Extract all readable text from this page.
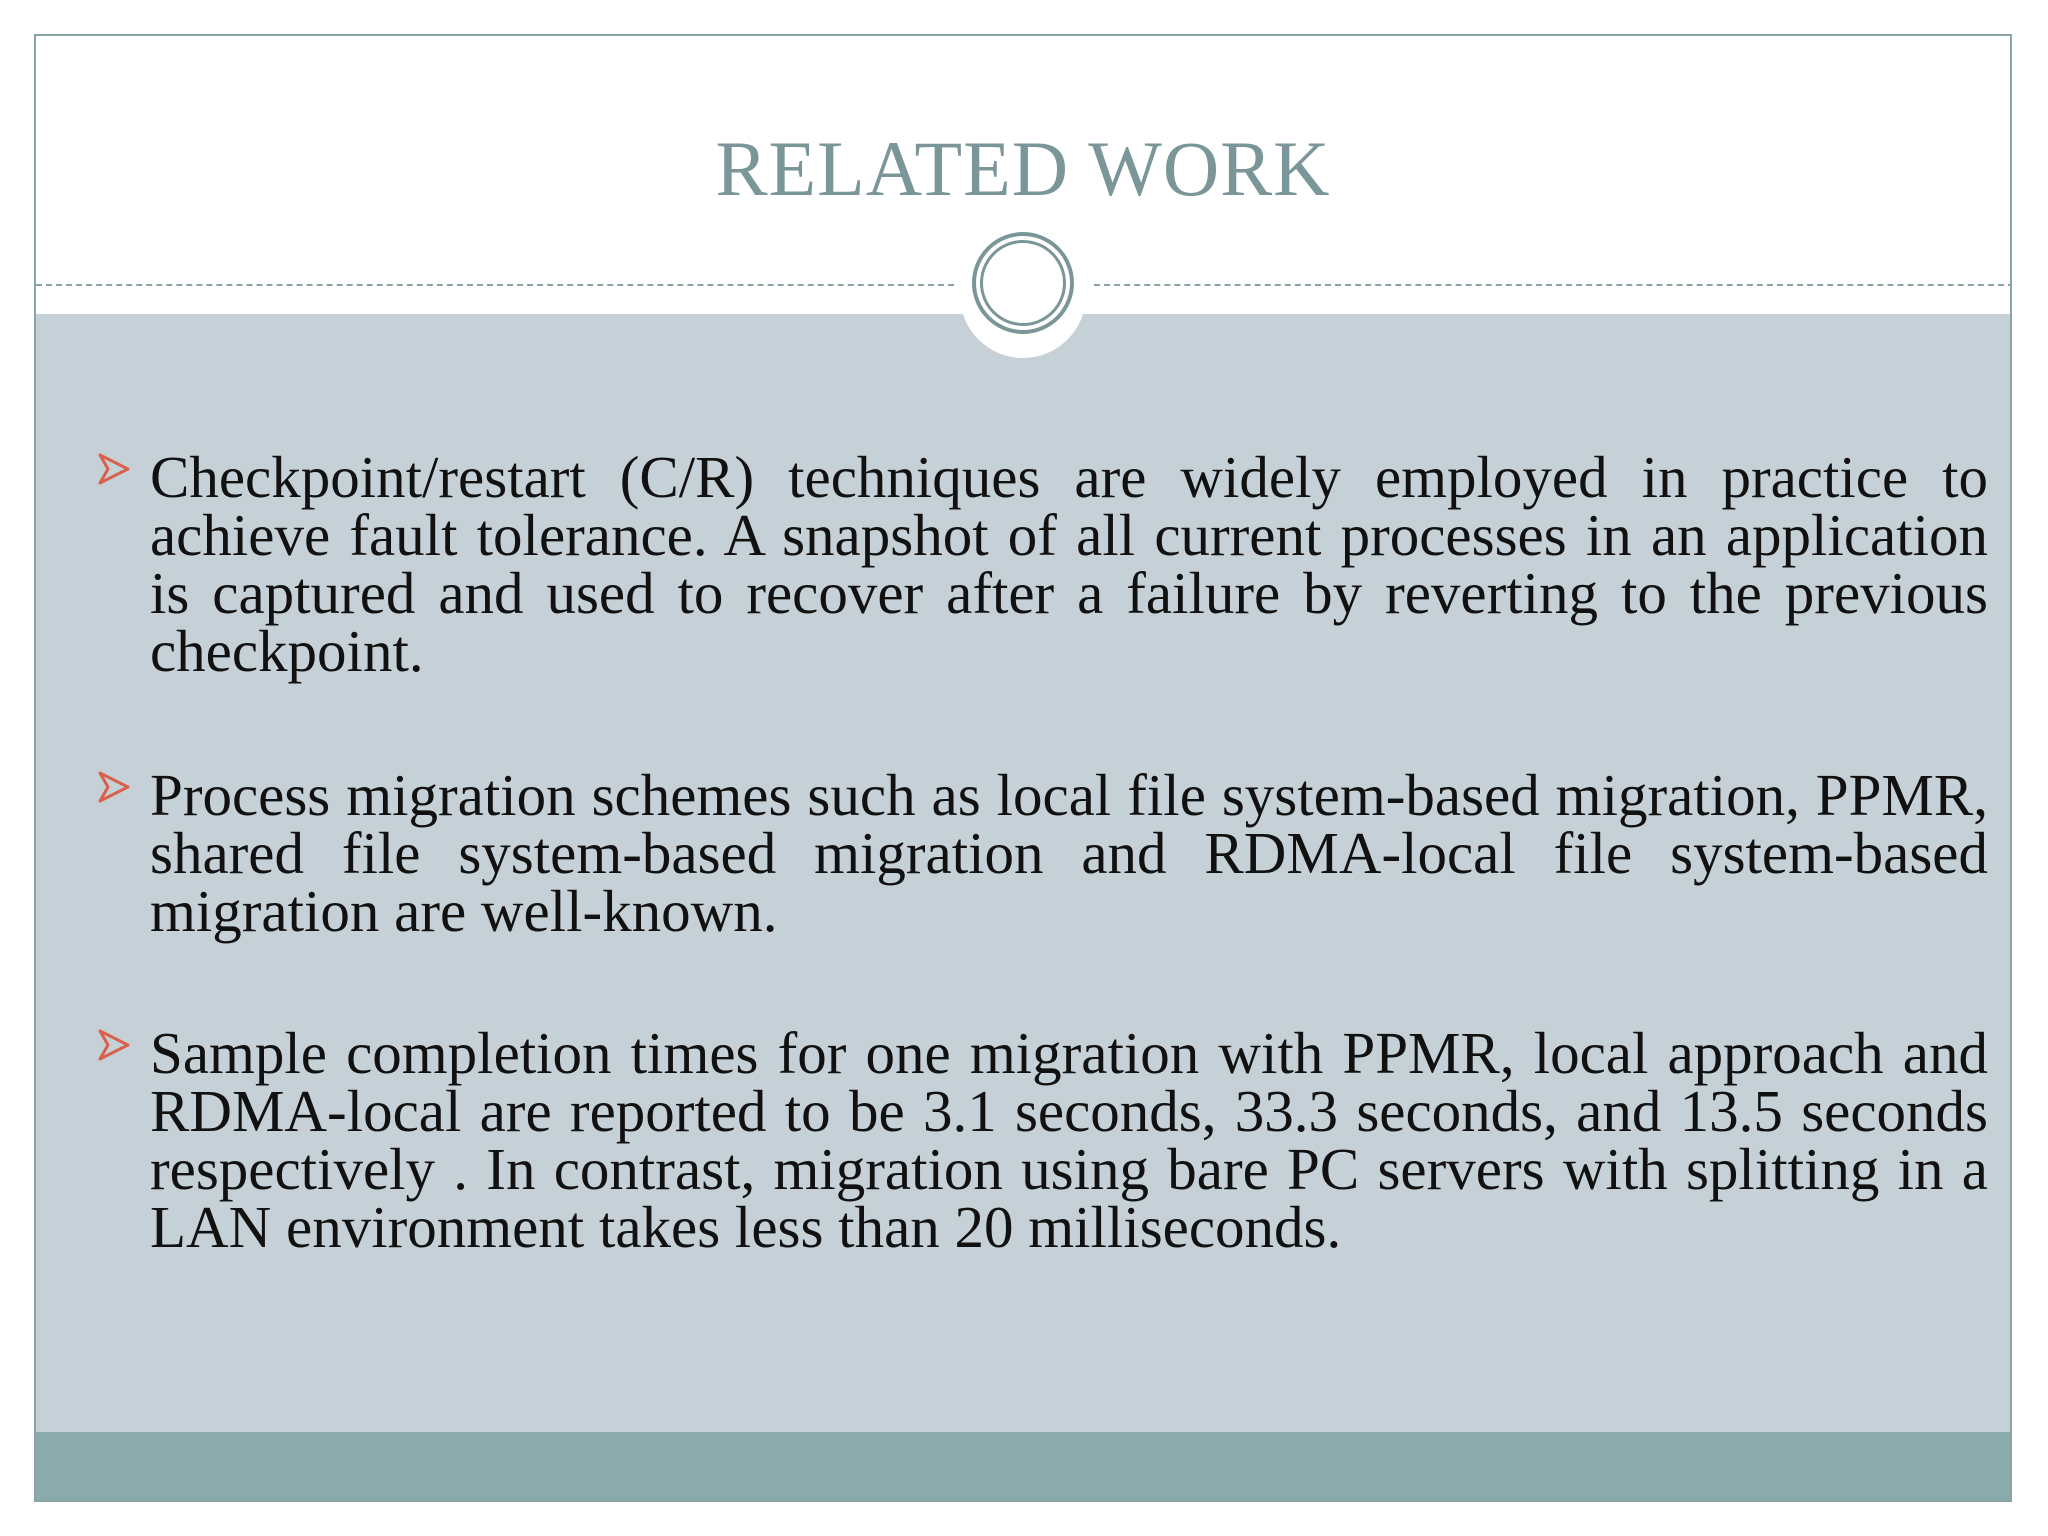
RELATED WORK
Checkpoint/restart (C/R) techniques are widely employed in practice to achieve fault tolerance. A snapshot of all current processes in an application is captured and used to recover after a failure by reverting to the previous checkpoint.
Process migration schemes such as local file system-based migration, PPMR, shared file system-based migration and RDMA-local file system-based migration are well-known.
Sample completion times for one migration with PPMR, local approach and RDMA-local are reported to be 3.1 seconds, 33.3 seconds, and 13.5 seconds respectively . In contrast, migration using bare PC servers with splitting in a LAN environment takes less than 20 milliseconds.
